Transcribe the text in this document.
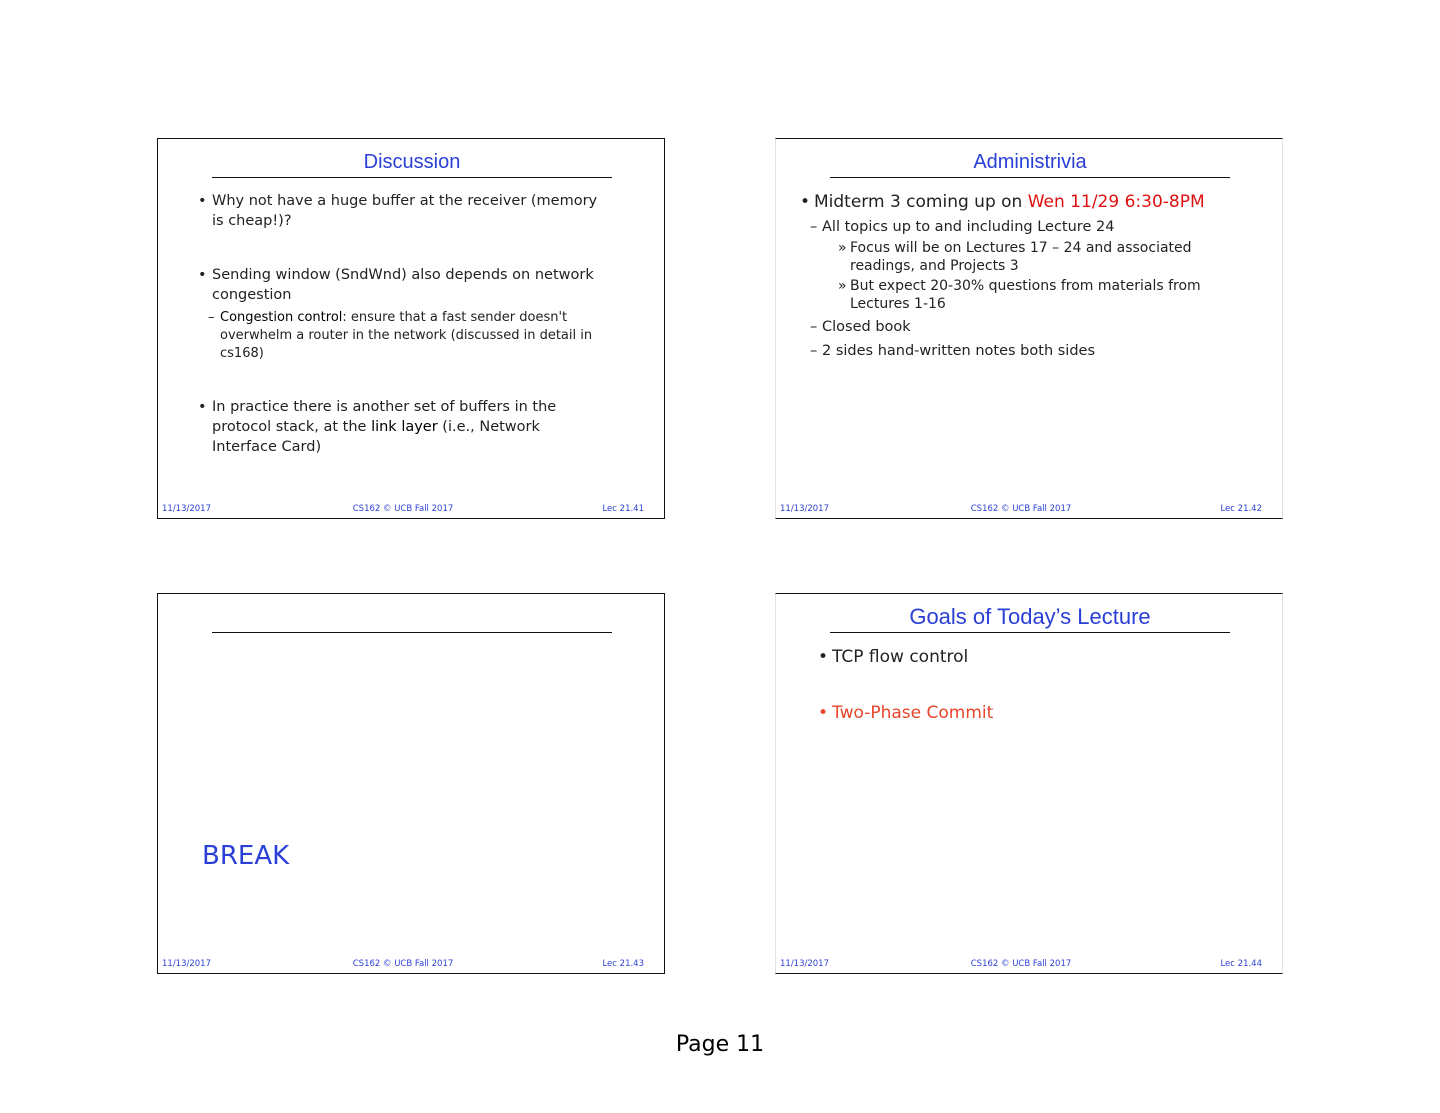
Discussion

• Why not have a huge buffer at the receiver (memory is cheap!)?

• Sending window (SndWnd) also depends on network congestion

– Congestion control: ensure that a fast sender doesn't overwhelm a router in the network (discussed in detail in cs168)

• In practice there is another set of buffers in the protocol stack, at the link layer (i.e., Network Interface Card)

11/13/2017	CS162 © UCB Fall 2017	Lec 21.41
Administrivia

• Midterm 3 coming up on Wen 11/29 6:30-8PM

– All topics up to and including Lecture 24

» Focus will be on Lectures 17 – 24 and associated readings, and Projects 3

» But expect 20-30% questions from materials from Lectures 1-16

– Closed book

– 2 sides hand-written notes both sides

11/13/2017	CS162 © UCB Fall 2017	Lec 21.42
BREAK
11/13/2017	CS162 © UCB Fall 2017	Lec 21.43
Goals of Today’s Lecture

• TCP flow control

• Two-Phase Commit

11/13/2017	CS162 © UCB Fall 2017	Lec 21.44
Page 11
